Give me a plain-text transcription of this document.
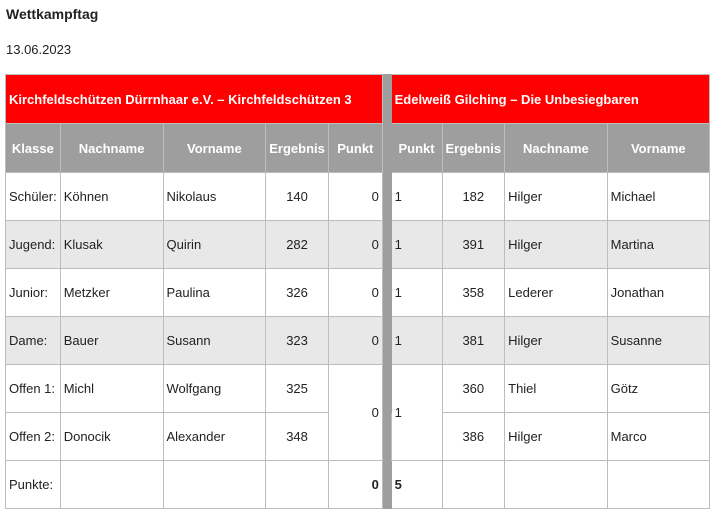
Wettkampftag
13.06.2023
Kirchfeldschützen Dürrnhaar e.V. – Kirchfeldschützen 3						Edelweiß Gilching – Die Unbesiegbaren			
Klasse	Nachname	Vorname	Ergebnis	Punkt		Punkt	Ergebnis	Nachname	Vorname
Schüler:	Köhnen	Nikolaus	140	0		1	182	Hilger	Michael
Jugend:	Klusak	Quirin	282	0		1	391	Hilger	Martina
Junior:	Metzker	Paulina	326	0		1	358	Lederer	Jonathan
Dame:	Bauer	Susann	323	0		1	381	Hilger	Susanne
Offen 1:	Michl	Wolfgang	325	0		1	360	Thiel	Götz
Offen 2:	Donocik	Alexander	348				386	Hilger	Marco
Punkte:				0		5			
